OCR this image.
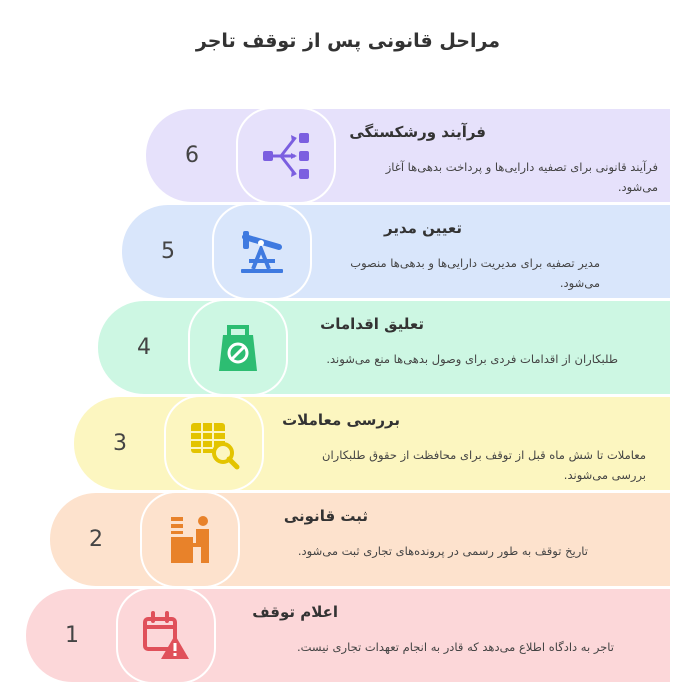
مراحل قانونی پس از توقف تاجر
6
فرآیند ورشکستگی
فرآیند قانونی برای تصفیه دارایی‌ها و پرداخت بدهی‌ها آغاز می‌شود.
5
تعیین مدیر
مدیر تصفیه برای مدیریت دارایی‌ها و بدهی‌ها منصوب می‌شود.
4
تعلیق اقدامات
طلبکاران از اقدامات فردی برای وصول بدهی‌ها منع می‌شوند.
3
بررسی معاملات
معاملات تا شش ماه قبل از توقف برای محافظت از حقوق طلبکاران بررسی می‌شوند.
2
ثبت قانونی
تاریخ توقف به طور رسمی در پرونده‌های تجاری ثبت می‌شود.
1
اعلام توقف
تاجر به دادگاه اطلاع می‌دهد که قادر به انجام تعهدات تجاری نیست.
